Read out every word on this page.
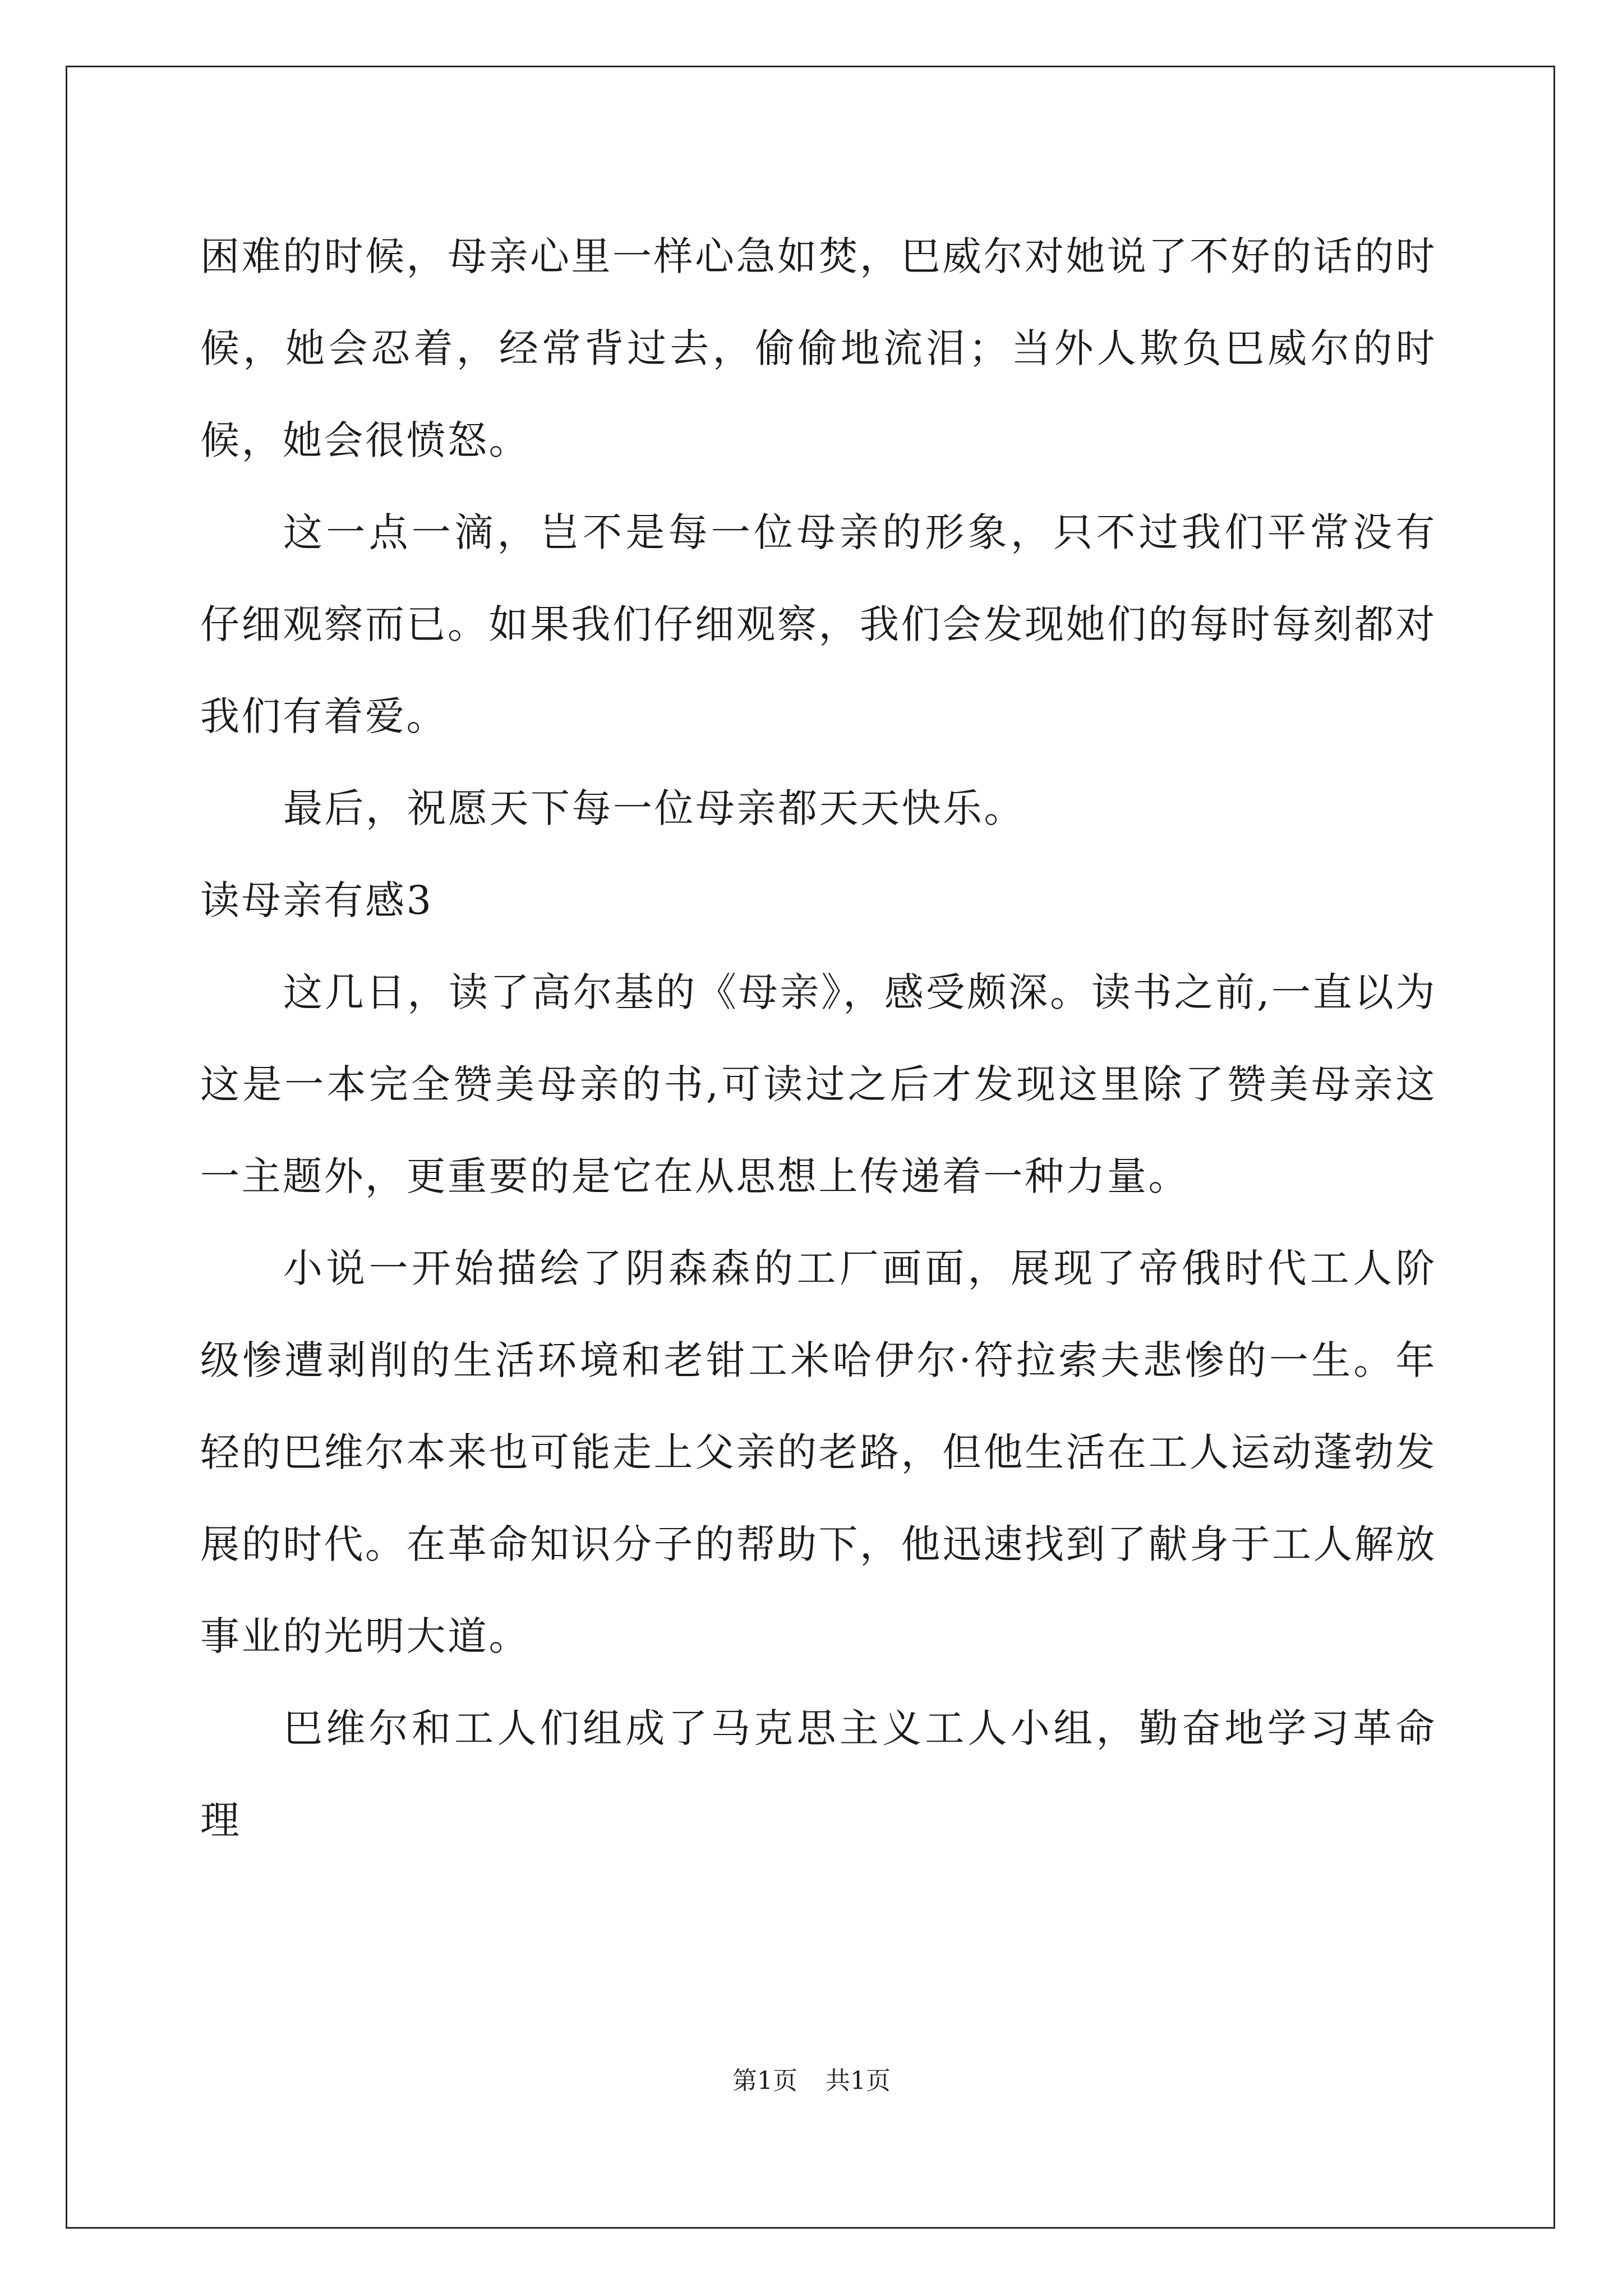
困难的时候，母亲心里一样心急如焚，巴威尔对她说了不好的话的时候，她会忍着，经常背过去，偷偷地流泪；当外人欺负巴威尔的时候，她会很愤怒。

这一点一滴，岂不是每一位母亲的形象，只不过我们平常没有仔细观察而已。如果我们仔细观察，我们会发现她们的每时每刻都对我们有着爱。

最后，祝愿天下每一位母亲都天天快乐。

读母亲有感3

这几日，读了高尔基的《母亲》，感受颇深。读书之前,一直以为这是一本完全赞美母亲的书,可读过之后才发现这里除了赞美母亲这一主题外，更重要的是它在从思想上传递着一种力量。

小说一开始描绘了阴森森的工厂画面，展现了帝俄时代工人阶级惨遭剥削的生活环境和老钳工米哈伊尔·符拉索夫悲惨的一生。年轻的巴维尔本来也可能走上父亲的老路，但他生活在工人运动蓬勃发展的时代。在革命知识分子的帮助下，他迅速找到了献身于工人解放事业的光明大道。

巴维尔和工人们组成了马克思主义工人小组，勤奋地学习革命理

第1页 共1页
